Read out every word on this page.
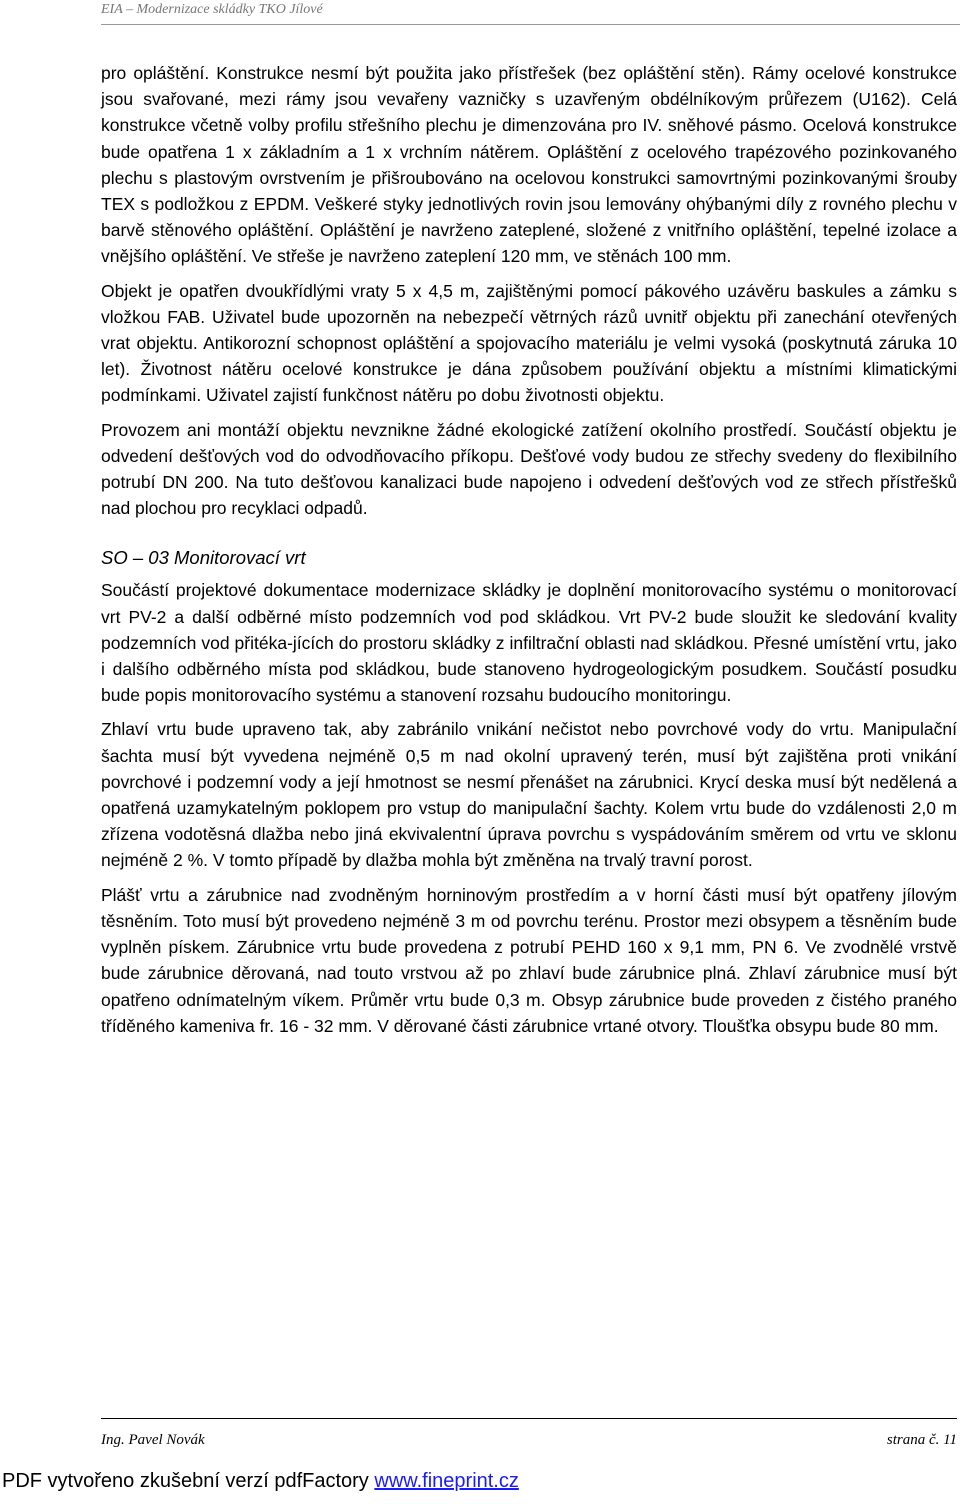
EIA – Modernizace skládky TKO Jílové

pro opláštění. Konstrukce nesmí být použita jako přístřešek (bez opláštění stěn). Rámy ocelové konstrukce jsou svařované, mezi rámy jsou vevařeny vazničky s uzavřeným obdélníkovým průřezem (U162). Celá konstrukce včetně volby profilu střešního plechu je dimenzována pro IV. sněhové pásmo. Ocelová konstrukce bude opatřena 1 x základním a 1 x vrchním nátěrem. Opláštění z ocelového trapézového pozinkovaného plechu s plastovým ovrstvením je přišroubováno na ocelovou konstrukci samovrtnými pozinkovanými šrouby TEX s podložkou z EPDM. Veškeré styky jednotlivých rovin jsou lemovány ohýbanými díly z rovného plechu v barvě stěnového opláštění. Opláštění je navrženo zateplené, složené z vnitřního opláštění, tepelné izolace a vnějšího opláštění. Ve střeše je navrženo zateplení 120 mm, ve stěnách 100 mm.

Objekt je opatřen dvoukřídlými vraty 5 x 4,5 m, zajištěnými pomocí pákového uzávěru baskules a zámku s vložkou FAB. Uživatel bude upozorněn na nebezpečí větrných rázů uvnitř objektu při zanechání otevřených vrat objektu. Antikorozní schopnost opláštění a spojovacího materiálu je velmi vysoká (poskytnutá záruka 10 let). Životnost nátěru ocelové konstrukce je dána způsobem používání objektu a místními klimatickými podmínkami. Uživatel zajistí funkčnost nátěru po dobu životnosti objektu.

Provozem ani montáží objektu nevznikne žádné ekologické zatížení okolního prostředí. Součástí objektu je odvedení dešťových vod do odvodňovacího příkopu. Dešťové vody budou ze střechy svedeny do flexibilního potrubí DN 200. Na tuto dešťovou kanalizaci bude napojeno i odvedení dešťových vod ze střech přístřešků nad plochou pro recyklaci odpadů.

SO – 03 Monitorovací vrt

Součástí projektové dokumentace modernizace skládky je doplnění monitorovacího systému o monitorovací vrt PV-2 a další odběrné místo podzemních vod pod skládkou. Vrt PV-2 bude sloužit ke sledování kvality podzemních vod přitéka-jících do prostoru skládky z infiltrační oblasti nad skládkou. Přesné umístění vrtu, jako i dalšího odběrného místa pod skládkou, bude stanoveno hydrogeologickým posudkem. Součástí posudku bude popis monitorovacího systému a stanovení rozsahu budoucího monitoringu.

Zhlaví vrtu bude upraveno tak, aby zabránilo vnikání nečistot nebo povrchové vody do vrtu. Manipulační šachta musí být vyvedena nejméně 0,5 m nad okolní upravený terén, musí být zajištěna proti vnikání povrchové i podzemní vody a její hmotnost se nesmí přenášet na zárubnici. Krycí deska musí být nedělená a opatřená uzamykatelným poklopem pro vstup do manipulační šachty. Kolem vrtu bude do vzdálenosti 2,0 m zřízena vodotěsná dlažba nebo jiná ekvivalentní úprava povrchu s vyspádováním směrem od vrtu ve sklonu nejméně 2 %. V tomto případě by dlažba mohla být změněna na trvalý travní porost.

Plášť vrtu a zárubnice nad zvodněným horninovým prostředím a v horní části musí být opatřeny jílovým těsněním. Toto musí být provedeno nejméně 3 m od povrchu terénu. Prostor mezi obsypem a těsněním bude vyplněn pískem. Zárubnice vrtu bude provedena z potrubí PEHD 160 x 9,1 mm, PN 6. Ve zvodnělé vrstvě bude zárubnice děrovaná, nad touto vrstvou až po zhlaví bude zárubnice plná. Zhlaví zárubnice musí být opatřeno odnímatelným víkem. Průměr vrtu bude 0,3 m. Obsyp zárubnice bude proveden z čistého praného tříděného kameniva fr. 16 - 32 mm. V děrované části zárubnice vrtané otvory. Tloušťka obsypu bude 80 mm.

Ing. Pavel Novák	strana č. 11
PDF vytvořeno zkušební verzí pdfFactory www.fineprint.cz
